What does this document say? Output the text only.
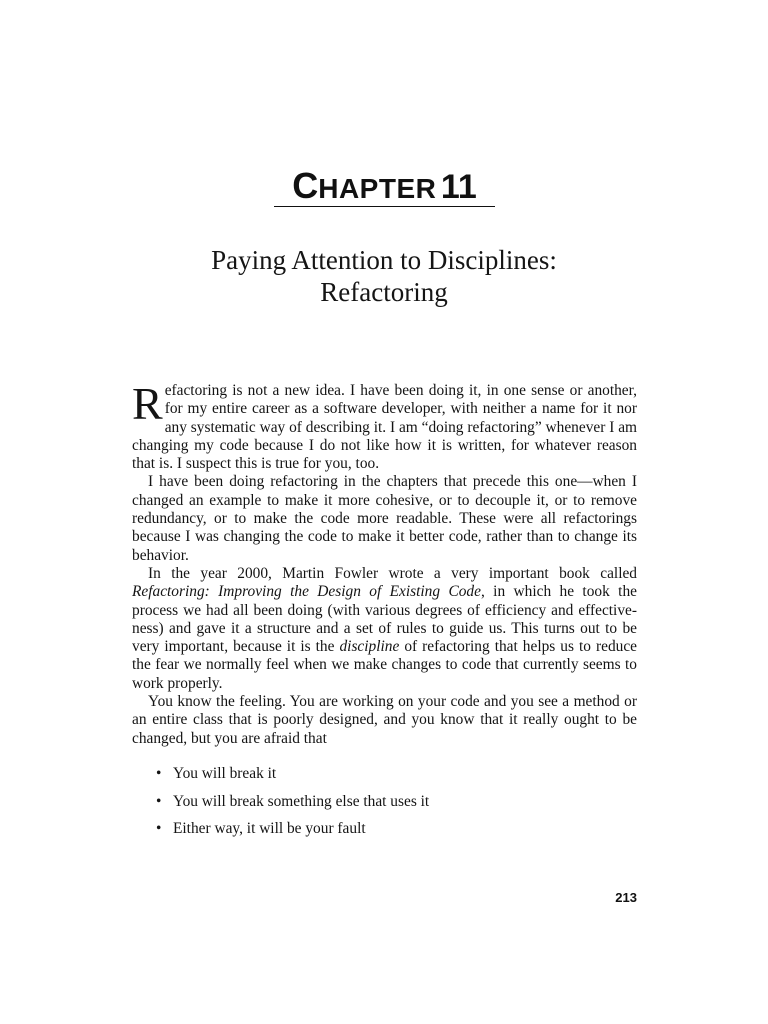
CHAPTER 11
Paying Attention to Disciplines:
Refactoring

Refactoring is not a new idea. I have been doing it, in one sense or another, for my entire career as a software developer, with neither a name for it nor any systematic way of describing it. I am “doing refactoring” whenever I am changing my code because I do not like how it is written, for whatever reason that is. I suspect this is true for you, too.

I have been doing refactoring in the chapters that precede this one—when I changed an example to make it more cohesive, or to decouple it, or to remove redundancy, or to make the code more readable. These were all refactorings because I was changing the code to make it better code, rather than to change its behavior.

In the year 2000, Martin Fowler wrote a very important book called Refactoring: Improving the Design of Existing Code, in which he took the process we had all been doing (with various degrees of efficiency and effectiveness) and gave it a structure and a set of rules to guide us. This turns out to be very important, because it is the discipline of refactoring that helps us to reduce the fear we normally feel when we make changes to code that currently seems to work properly.

You know the feeling. You are working on your code and you see a method or an entire class that is poorly designed, and you know that it really ought to be changed, but you are afraid that

• You will break it
• You will break something else that uses it
• Either way, it will be your fault
213
